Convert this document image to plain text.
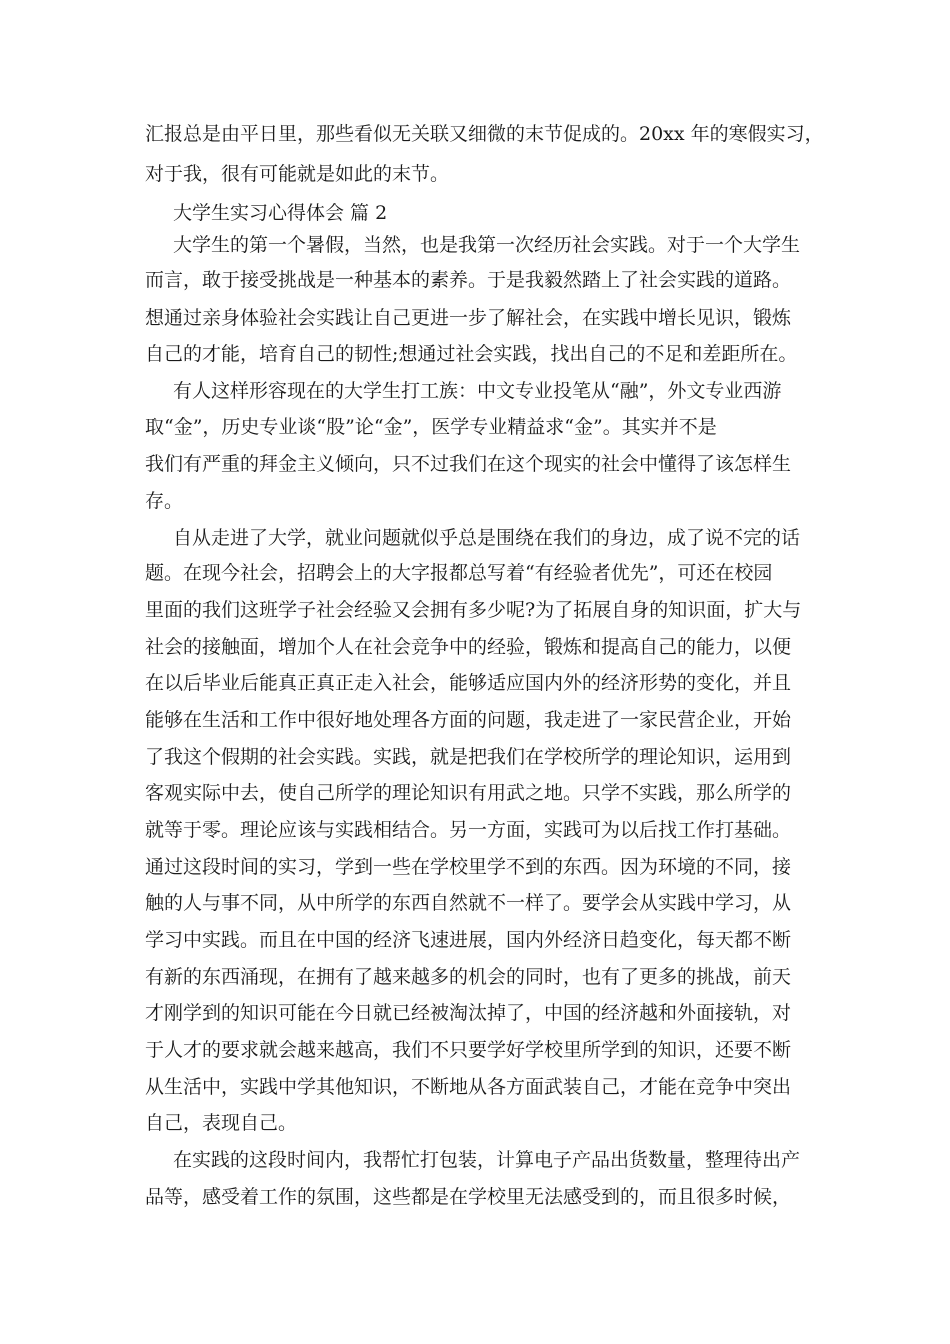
汇报总是由平日里，那些看似无关联又细微的末节促成的。20xx 年的寒假实习，
对于我，很有可能就是如此的末节。
大学生实习心得体会 篇 2
大学生的第一个暑假，当然，也是我第一次经历社会实践。对于一个大学生
而言，敢于接受挑战是一种基本的素养。于是我毅然踏上了社会实践的道路。
想通过亲身体验社会实践让自己更进一步了解社会，在实践中增长见识，锻炼
自己的才能，培育自己的韧性;想通过社会实践，找出自己的不足和差距所在。
有人这样形容现在的大学生打工族：中文专业投笔从“融”，外文专业西游
取“金”，历史专业谈“股”论“金”，医学专业精益求“金”。其实并不是
我们有严重的拜金主义倾向，只不过我们在这个现实的社会中懂得了该怎样生
存。
自从走进了大学，就业问题就似乎总是围绕在我们的身边，成了说不完的话
题。在现今社会，招聘会上的大字报都总写着“有经验者优先”，可还在校园
里面的我们这班学子社会经验又会拥有多少呢?为了拓展自身的知识面，扩大与
社会的接触面，增加个人在社会竞争中的经验，锻炼和提高自己的能力，以便
在以后毕业后能真正真正走入社会，能够适应国内外的经济形势的变化，并且
能够在生活和工作中很好地处理各方面的问题，我走进了一家民营企业，开始
了我这个假期的社会实践。实践，就是把我们在学校所学的理论知识，运用到
客观实际中去，使自己所学的理论知识有用武之地。只学不实践，那么所学的
就等于零。理论应该与实践相结合。另一方面，实践可为以后找工作打基础。
通过这段时间的实习，学到一些在学校里学不到的东西。因为环境的不同，接
触的人与事不同，从中所学的东西自然就不一样了。要学会从实践中学习，从
学习中实践。而且在中国的经济飞速进展，国内外经济日趋变化，每天都不断
有新的东西涌现，在拥有了越来越多的机会的同时，也有了更多的挑战，前天
才刚学到的知识可能在今日就已经被淘汰掉了，中国的经济越和外面接轨，对
于人才的要求就会越来越高，我们不只要学好学校里所学到的知识，还要不断
从生活中，实践中学其他知识，不断地从各方面武装自己，才能在竞争中突出
自己，表现自己。
在实践的这段时间内，我帮忙打包装，计算电子产品出货数量，整理待出产
品等，感受着工作的氛围，这些都是在学校里无法感受到的，而且很多时候，
